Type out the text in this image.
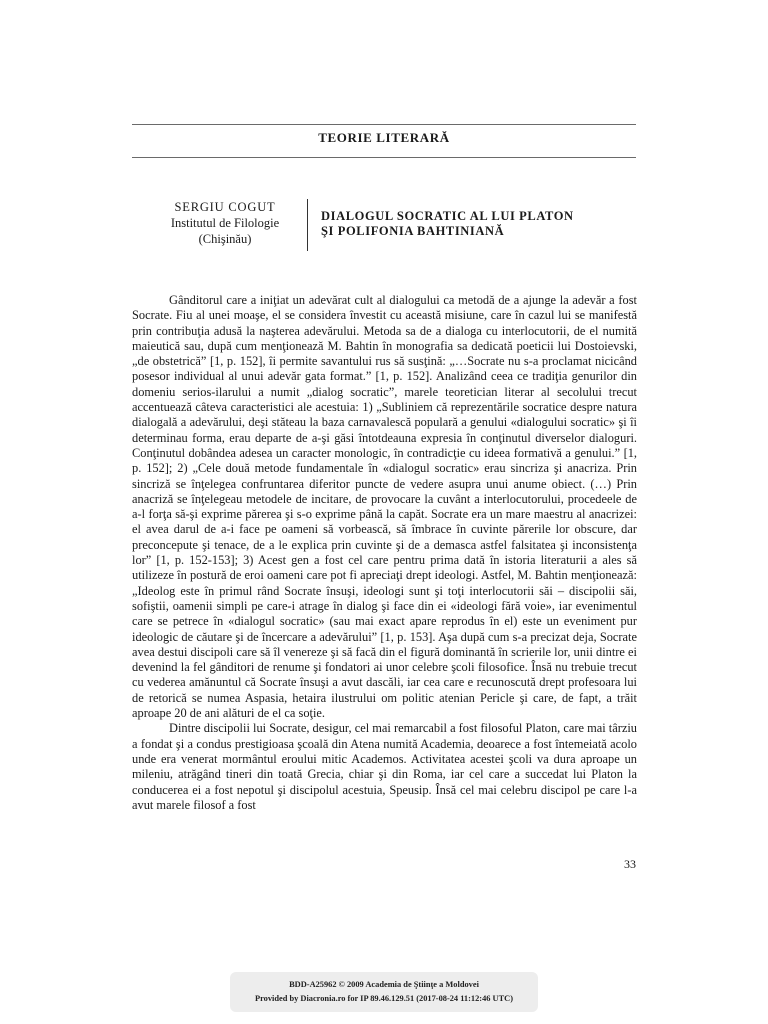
TEORIE LITERARĂ
SERGIU COGUT
Institutul de Filologie
(Chişinău)
DIALOGUL SOCRATIC AL LUI PLATON
ŞI POLIFONIA BAHTINIANĂ

Gânditorul care a iniţiat un adevărat cult al dialogului ca metodă de a ajunge la adevăr a fost Socrate. Fiu al unei moaşe, el se considera învestit cu această misiune, care în cazul lui se manifestă prin contribuţia adusă la naşterea adevărului. Metoda sa de a dialoga cu interlocutorii, de el numită maieutică sau, după cum menţionează M. Bahtin în monografia sa dedicată poeticii lui Dostoievski, „de obstetrică” [1, p. 152], îi permite savantului rus să susţină: „…Socrate nu s-a proclamat nicicând posesor individual al unui adevăr gata format.” [1, p. 152]. Analizând ceea ce tradiţia genurilor din domeniu serios-ilarului a numit „dialog socratic”, marele teoretician literar al secolului trecut accentuează câteva caracteristici ale acestuia: 1) „Subliniem că reprezentările socratice despre natura dialogală a adevărului, deşi stăteau la baza carnavalescă populară a genului «dialogului socratic» şi îi determinau forma, erau departe de a-şi găsi întotdeauna expresia în conţinutul diverselor dialoguri. Conţinutul dobândea adesea un caracter monologic, în contradicţie cu ideea formativă a genului.” [1, p. 152]; 2) „Cele două metode fundamentale în «dialogul socratic» erau sincriza şi anacriza. Prin sincriză se înţelegea confruntarea diferitor puncte de vedere asupra unui anume obiect. (…) Prin anacriză se înţelegeau metodele de incitare, de provocare la cuvânt a interlocutorului, procedeele de a-l forţa să-şi exprime părerea şi s-o exprime până la capăt. Socrate era un mare maestru al anacrizei: el avea darul de a-i face pe oameni să vorbească, să îmbrace în cuvinte părerile lor obscure, dar preconcepute şi tenace, de a le explica prin cuvinte şi de a demasca astfel falsitatea şi inconsistenţa lor” [1, p. 152-153]; 3) Acest gen a fost cel care pentru prima dată în istoria literaturii a ales să utilizeze în postură de eroi oameni care pot fi apreciaţi drept ideologi. Astfel, M. Bahtin menţionează: „Ideolog este în primul rând Socrate însuşi, ideologi sunt şi toţi interlocutorii săi – discipolii săi, sofiştii, oamenii simpli pe care-i atrage în dialog şi face din ei «ideologi fără voie», iar evenimentul care se petrece în «dialogul socratic» (sau mai exact apare reprodus în el) este un eveniment pur ideologic de căutare şi de încercare a adevărului” [1, p. 153]. Aşa după cum s-a precizat deja, Socrate avea destui discipoli care să îl venereze şi să facă din el figură dominantă în scrierile lor, unii dintre ei devenind la fel gânditori de renume şi fondatori ai unor celebre şcoli filosofice. Însă nu trebuie trecut cu vederea amănuntul că Socrate însuşi a avut dascăli, iar cea care e recunoscută drept profesoara lui de retorică se numea Aspasia, hetaira ilustrului om politic atenian Pericle şi care, de fapt, a trăit aproape 20 de ani alături de el ca soţie.

Dintre discipolii lui Socrate, desigur, cel mai remarcabil a fost filosoful Platon, care mai târziu a fondat şi a condus prestigioasa şcoală din Atena numită Academia, deoarece a fost întemeiată acolo unde era venerat mormântul eroului mitic Academos. Activitatea acestei şcoli va dura aproape un mileniu, atrăgând tineri din toată Grecia, chiar şi din Roma, iar cel care a succedat lui Platon la conducerea ei a fost nepotul şi discipolul acestuia, Speusip. Însă cel mai celebru discipol pe care l-a avut marele filosof a fost

33
BDD-A25962 © 2009 Academia de Ştiinţe a Moldovei
Provided by Diacronia.ro for IP 89.46.129.51 (2017-08-24 11:12:46 UTC)
